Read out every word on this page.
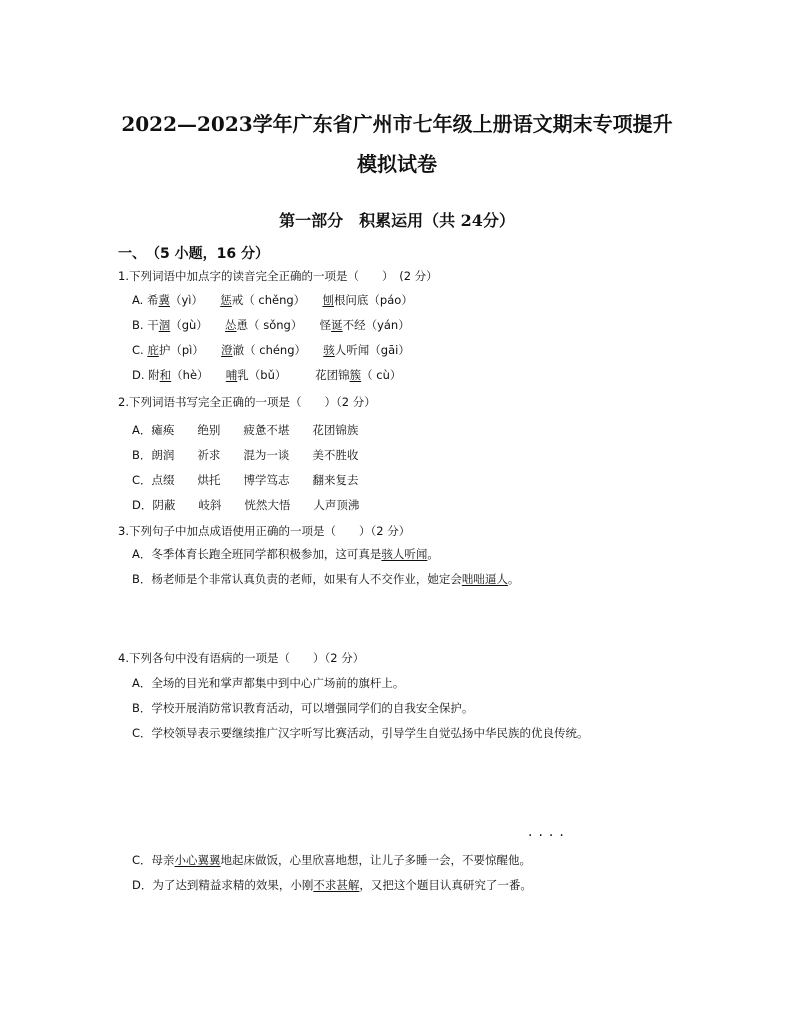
2022—2023学年广东省广州市七年级上册语文期末专项提升
模拟试卷
第一部分　积累运用（共 24分）
一、　（5 小题，16 分）
1.下列词语中加点字的读音完全正确的一项是（　　）　(2 分）
A. 希冀（yì）　　惩戒（ chěng）　　刨根问底（páo）
B. 干涸（gù）　　怂恿（ sǒng）　　怪诞不经（yán）
C. 庇护（pì）　　澄澈（ chéng）　　骇人听闻（gāi）
D. 附和（hè）　　哺乳（bǔ）　　　花团锦簇（ cù）
2.下列词语书写完全正确的一项是（　　）（2 分）
A．瘫痪　　绝别　　疲惫不堪　　花团锦族
B．朗润　　祈求　　混为一谈　　美不胜收
C．点缀　　烘托　　博学笃志　　翻来复去
D．阴蔽　　岐斜　　恍然大悟　　人声顶沸
3.下列句子中加点成语使用正确的一项是（　　）（2 分）
A．冬季体育长跑全班同学都积极参加，这可真是骇人听闻。
B．杨老师是个非常认真负责的老师，如果有人不交作业，她定会咄咄逼人。
4.下列各句中没有语病的一项是（　　）（2 分）
A．全场的目光和掌声都集中到中心广场前的旗杆上。
B．学校开展消防常识教育活动，可以增强同学们的自我安全保护。
C．学校领导表示要继续推广汉字听写比赛活动，引导学生自觉弘扬中华民族的优良传统。
····
C．母亲小心翼翼地起床做饭，心里欣喜地想，让儿子多睡一会，不要惊醒他。
D．为了达到精益求精的效果，小刚不求甚解，又把这个题目认真研究了一番。
